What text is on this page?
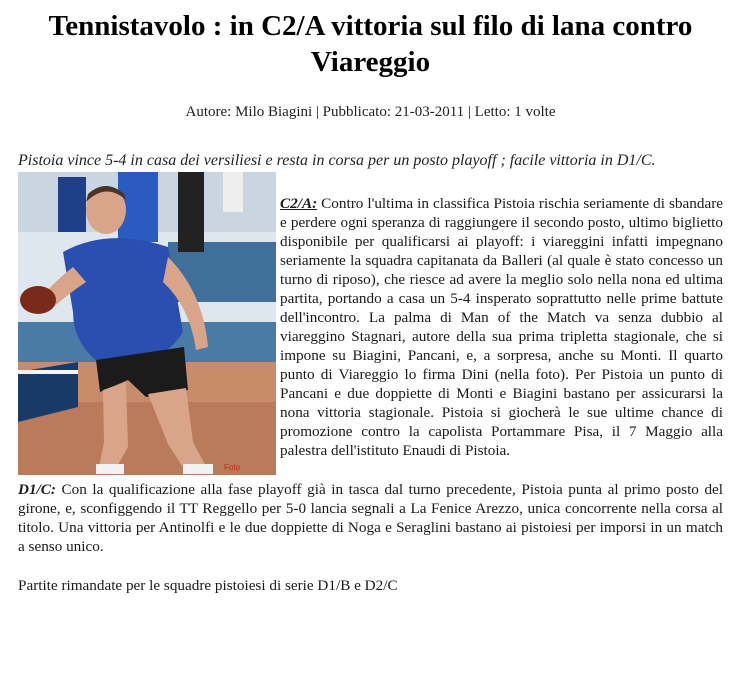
Tennistavolo : in C2/A vittoria sul filo di lana contro Viareggio
Autore: Milo Biagini | Pubblicato: 21-03-2011 | Letto: 1 volte

Pistoia vince 5-4 in casa dei versiliesi e resta in corsa per un posto playoff ; facile vittoria in D1/C.

Foto

C2/A: Contro l'ultima in classifica Pistoia rischia seriamente di sbandare e perdere ogni speranza di raggiungere il secondo posto, ultimo biglietto disponibile per qualificarsi ai playoff: i viareggini infatti impegnano seriamente la squadra capitanata da Balleri (al quale è stato concesso un turno di riposo), che riesce ad avere la meglio solo nella nona ed ultima partita, portando a casa un 5-4 insperato soprattutto nelle prime battute dell'incontro. La palma di Man of the Match va senza dubbio al viareggino Stagnari, autore della sua prima tripletta stagionale, che si impone su Biagini, Pancani, e, a sorpresa, anche su Monti. Il quarto punto di Viareggio lo firma Dini (nella foto). Per Pistoia un punto di Pancani e due doppiette di Monti e Biagini bastano per assicurarsi la nona vittoria stagionale. Pistoia si giocherà le sue ultime chance di promozione contro la capolista Portammare Pisa, il 7 Maggio alla palestra dell'istituto Enaudi di Pistoia.

D1/C: Con la qualificazione alla fase playoff già in tasca dal turno precedente, Pistoia punta al primo posto del girone, e, sconfiggendo il TT Reggello per 5-0 lancia segnali a La Fenice Arezzo, unica concorrente nella corsa al titolo. Una vittoria per Antinolfi e le due doppiette di Noga e Seraglini bastano ai pistoiesi per imporsi in un match a senso unico.

Partite rimandate per le squadre pistoiesi di serie D1/B e D2/C
